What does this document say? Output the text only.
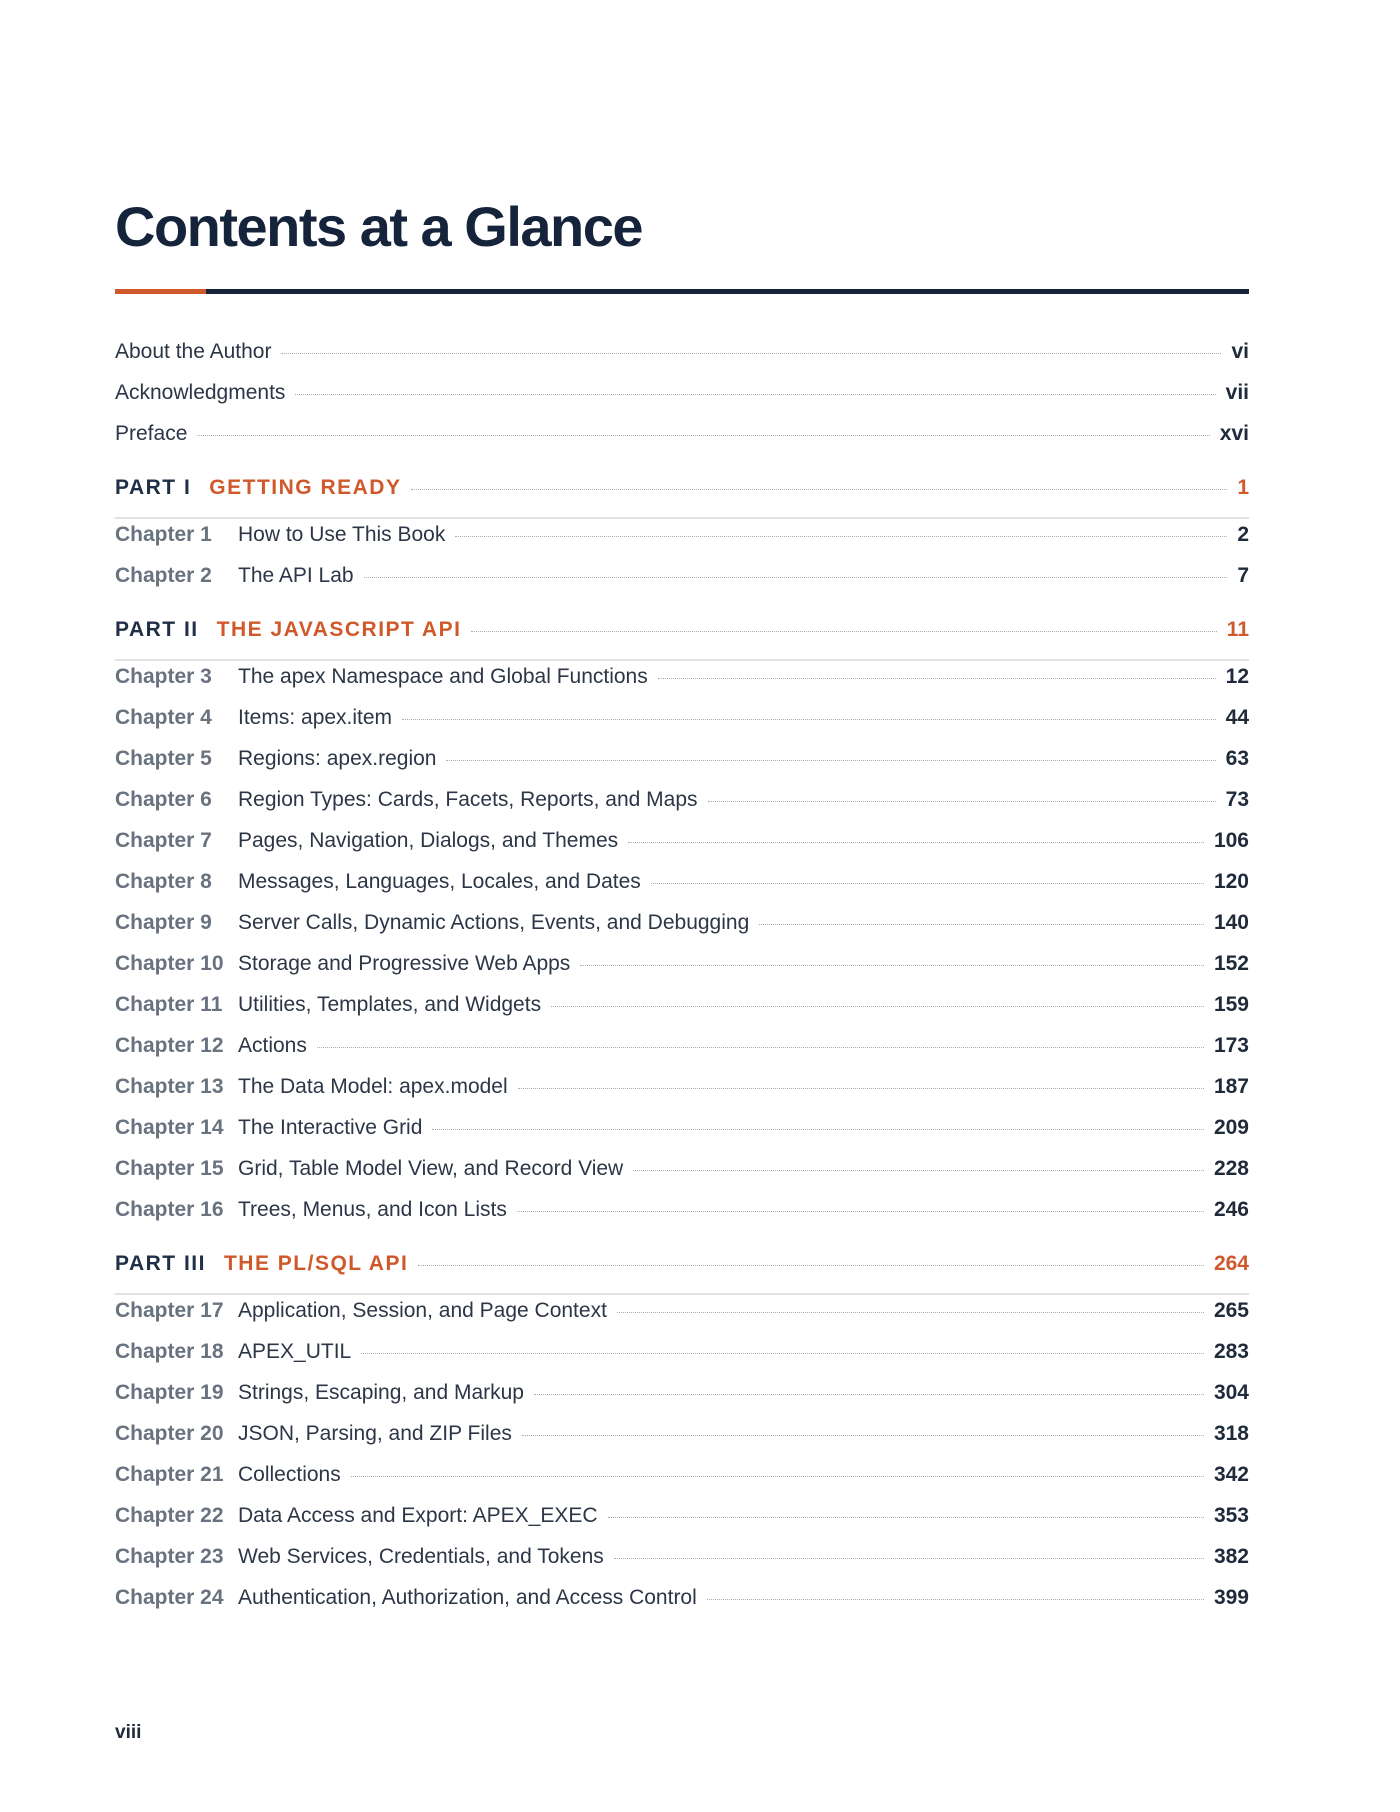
Contents at a Glance
About the Author	vi
Acknowledgments	vii
Preface	xvi
PART I GETTING READY	1
Chapter 1	How to Use This Book	2
Chapter 2	The API Lab	7
PART II THE JAVASCRIPT API	11
Chapter 3	The apex Namespace and Global Functions	12
Chapter 4	Items: apex.item	44
Chapter 5	Regions: apex.region	63
Chapter 6	Region Types: Cards, Facets, Reports, and Maps	73
Chapter 7	Pages, Navigation, Dialogs, and Themes	106
Chapter 8	Messages, Languages, Locales, and Dates	120
Chapter 9	Server Calls, Dynamic Actions, Events, and Debugging	140
Chapter 10 Storage and Progressive Web Apps	152
Chapter 11 Utilities, Templates, and Widgets	159
Chapter 12 Actions	173
Chapter 13 The Data Model: apex.model	187
Chapter 14 The Interactive Grid	209
Chapter 15 Grid, Table Model View, and Record View	228
Chapter 16 Trees, Menus, and Icon Lists	246
PART III THE PL/SQL API	264
Chapter 17 Application, Session, and Page Context	265
Chapter 18 APEX_UTIL	283
Chapter 19 Strings, Escaping, and Markup	304
Chapter 20 JSON, Parsing, and ZIP Files	318
Chapter 21 Collections	342
Chapter 22 Data Access and Export: APEX_EXEC	353
Chapter 23 Web Services, Credentials, and Tokens	382
Chapter 24 Authentication, Authorization, and Access Control	399
viii
